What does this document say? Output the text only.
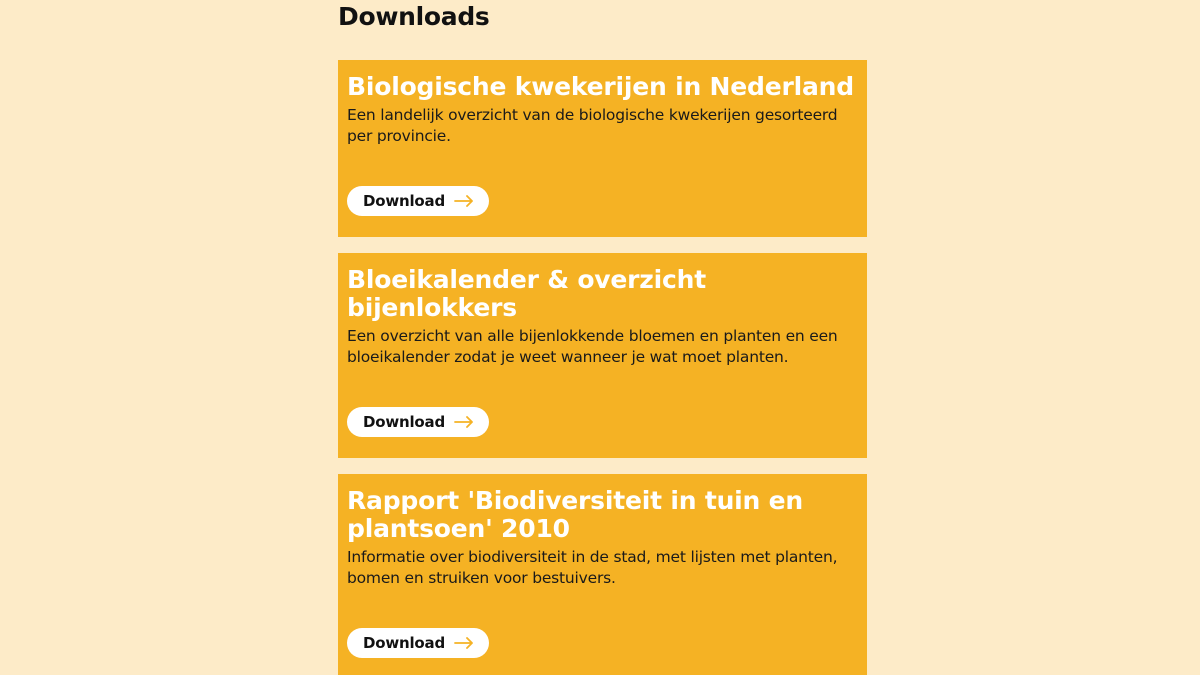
Downloads
Biologische kwekerijen in Nederland

Een landelijk overzicht van de biologische kwekerijen gesorteerd per provincie.

Download
Bloeikalender & overzicht bijenlokkers

Een overzicht van alle bijenlokkende bloemen en planten en een bloeikalender zodat je weet wanneer je wat moet planten.

Download
Rapport 'Biodiversiteit in tuin en plantsoen' 2010

Informatie over biodiversiteit in de stad, met lijsten met planten, bomen en struiken voor bestuivers.

Download
